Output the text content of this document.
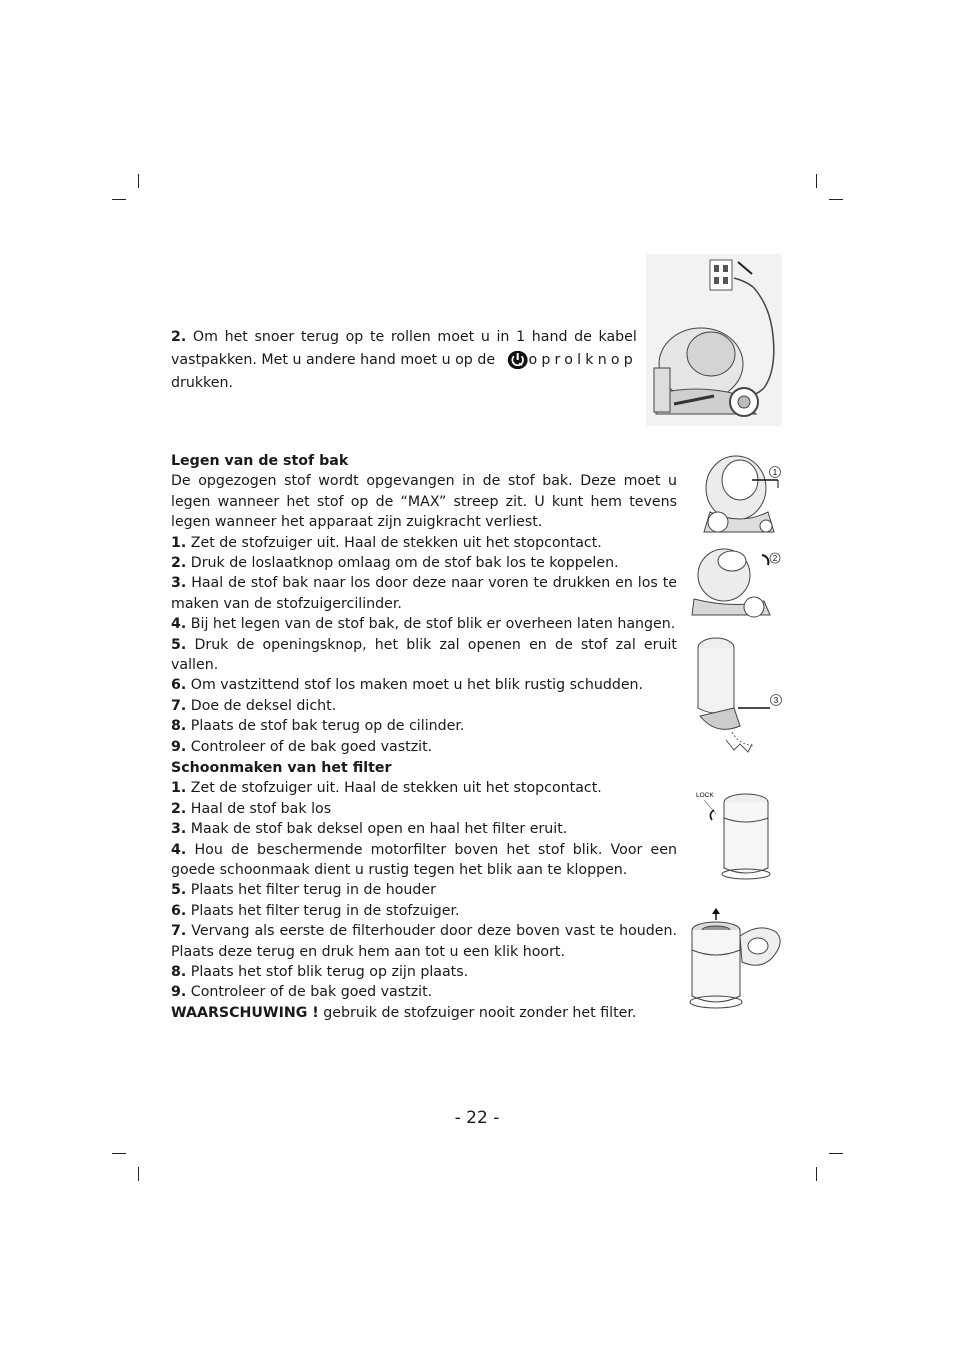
2. Om het snoer terug op te rollen moet u in 1 hand de kabel
vastpakken. Met u andere hand moet u op de oprolknop

drukken.

Legen van de stof bak

De opgezogen stof wordt opgevangen in de stof bak. Deze moet u legen wanneer het stof op de “MAX” streep zit. U kunt hem tevens legen wanneer het apparaat zijn zuigkracht verliest.

1. Zet de stofzuiger uit. Haal de stekken uit het stopcontact.

2. Druk de loslaatknop omlaag om de stof bak los te koppelen.

3. Haal de stof bak naar los door deze naar voren te drukken en los te maken van de stofzuigercilinder.

4. Bij het legen van de stof bak, de stof blik er overheen laten hangen.

5. Druk de openingsknop, het blik zal openen en de stof zal eruit vallen.

6. Om vastzittend stof los maken moet u het blik rustig schudden.

7. Doe de deksel dicht.

8. Plaats de stof bak terug op de cilinder.

9. Controleer of de bak goed vastzit.

1
2
3

Schoonmaken van het filter

1. Zet de stofzuiger uit. Haal de stekken uit het stopcontact.

2. Haal de stof bak los

3. Maak de stof bak deksel open en haal het filter eruit.

4. Hou de beschermende motorfilter boven het stof blik. Voor een goede schoonmaak dient u rustig tegen het blik aan te kloppen.

5. Plaats het filter terug in de houder

6. Plaats het filter terug in de stofzuiger.

7. Vervang als eerste de filterhouder door deze boven vast te houden. Plaats deze terug en druk hem aan tot u een klik hoort.

8. Plaats het stof blik terug op zijn plaats.

9. Controleer of de bak goed vastzit.

WAARSCHUWING ! gebruik de stofzuiger nooit zonder het filter.

LOCK
- 22 -
